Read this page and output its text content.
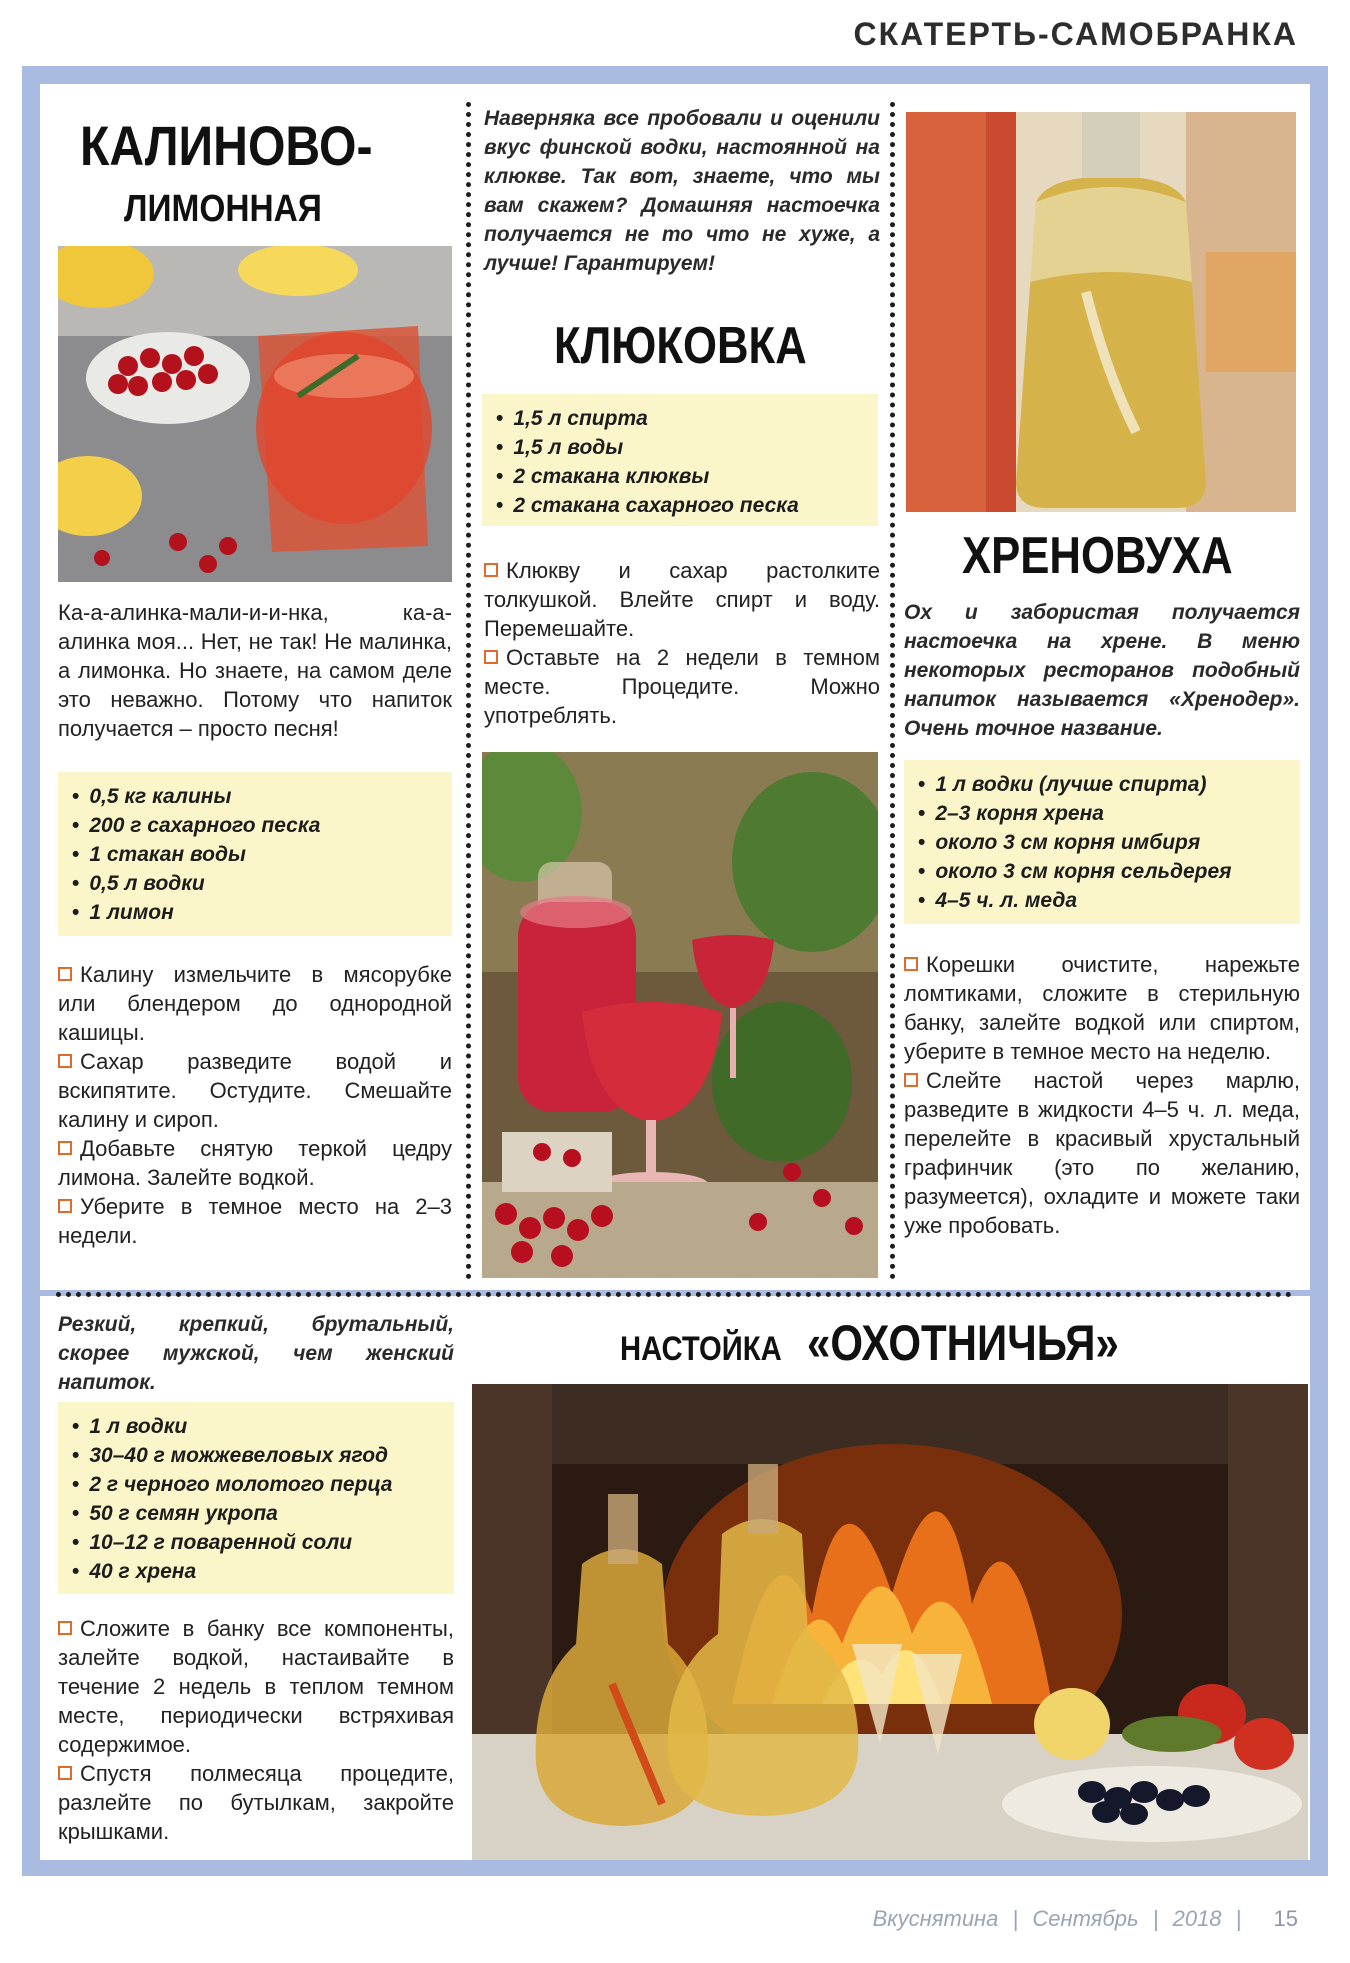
СКАТЕРТЬ-САМОБРАНКА
КАЛИНОВО-
ЛИМОННАЯ
Ка-а-алинка-мали-и-и-нка, ка-а-алинка моя... Нет, не так! Не малинка, а лимонка. Но знаете, на самом деле это неважно. Потому что напиток получается – просто песня!
• 0,5 кг калины
• 200 г сахарного песка
• 1 стакан воды
• 0,5 л водки
• 1 лимон

Калину измельчите в мясорубке или блендером до однородной кашицы.

Сахар разведите водой и вскипятите. Остудите. Смешайте калину и сироп.

Добавьте снятую теркой цедру лимона. Залейте водкой.

Уберите в темное место на 2–3 недели.

Наверняка все пробовали и оценили вкус финской водки, настоянной на клюкве. Так вот, знаете, что мы вам скажем? Домашняя настоечка получается не то что не хуже, а лучше! Гарантируем!
КЛЮКОВКА
• 1,5 л спирта
• 1,5 л воды
• 2 стакана клюквы
• 2 стакана сахарного песка

Клюкву и сахар растолките толкушкой. Влейте спирт и воду. Перемешайте.

Оставьте на 2 недели в темном месте. Процедите. Можно употреблять.

ХРЕНОВУХА
Ох и забористая получается настоечка на хрене. В меню некоторых ресторанов подобный напиток называется «Хренодер». Очень точное название.
• 1 л водки (лучше спирта)
• 2–3 корня хрена
• около 3 см корня имбиря
• около 3 см корня сельдерея
• 4–5 ч. л. меда

Корешки очистите, нарежьте ломтиками, сложите в стерильную банку, залейте водкой или спиртом, уберите в темное место на неделю.

Слейте настой через марлю, разведите в жидкости 4–5 ч. л. меда, перелейте в красивый хрустальный графинчик (это по желанию, разумеется), охладите и можете таки уже пробовать.

Резкий, крепкий, брутальный, скорее мужской, чем женский напиток.
• 1 л водки
• 30–40 г можжевеловых ягод
• 2 г черного молотого перца
• 50 г семян укропа
• 10–12 г поваренной соли
• 40 г хрена

Сложите в банку все компоненты, залейте водкой, настаивайте в течение 2 недель в теплом темном месте, периодически встряхивая содержимое.

Спустя полмесяца процедите, разлейте по бутылкам, закройте крышками.

НАСТОЙКА «ОХОТНИЧЬЯ»
Вкуснятина | Сентябрь | 2018 | 15
